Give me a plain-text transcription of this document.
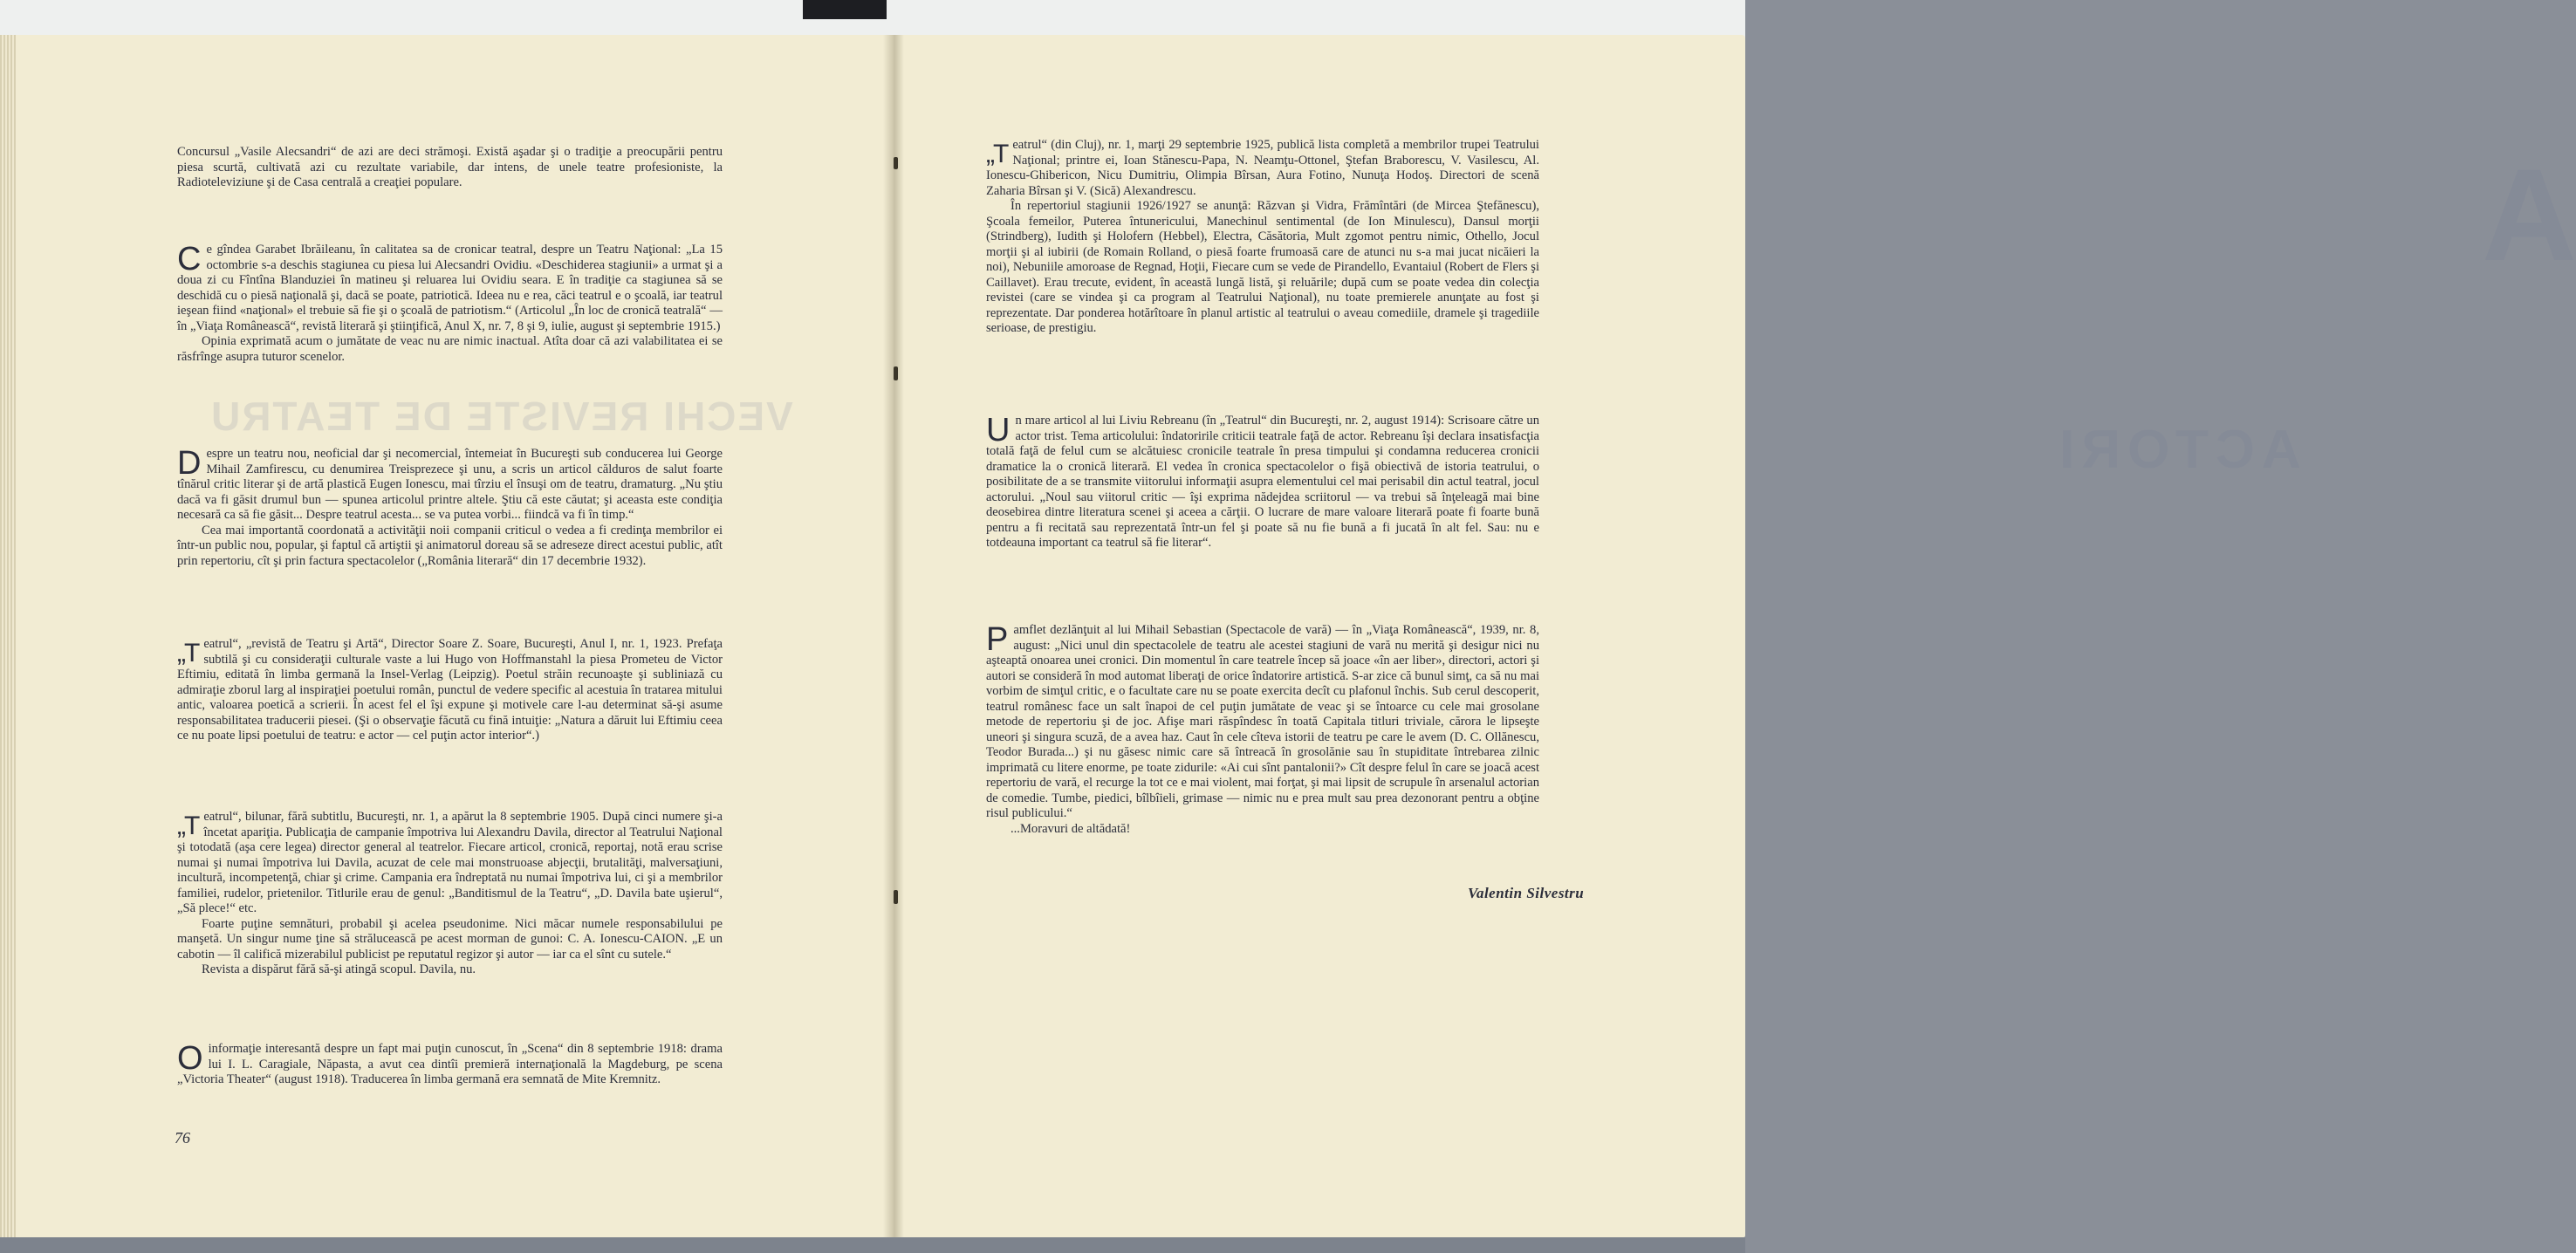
VECHI REVISTE DE TEATRU
A
ACTORI

Concursul „Vasile Alecsandri“ de azi are deci strămoşi. Există aşadar şi o tradiţie a preocupării pentru piesa scurtă, cultivată azi cu rezultate variabile, dar intens, de unele teatre profesioniste, la Radioteleviziune şi de Casa centrală a creaţiei populare.

C e gîndea Garabet Ibrăileanu, în calitatea sa de cronicar teatral, despre un Teatru Naţional: „La 15 octombrie s-a deschis stagiunea cu piesa lui Alecsandri Ovidiu. «Deschiderea stagiunii» a urmat şi a doua zi cu Fîntîna Blanduziei în matineu şi reluarea lui Ovidiu seara. E în tradiţie ca stagiunea să se deschidă cu o piesă naţională şi, dacă se poate, patriotică. Ideea nu e rea, căci teatrul e o şcoală, iar teatrul ieşean fiind «naţional» el trebuie să fie şi o şcoală de patriotism.“ (Articolul „În loc de cronică teatrală“ — în „Viaţa Românească“, revistă literară şi ştiinţifică, Anul X, nr. 7, 8 şi 9, iulie, august şi septembrie 1915.)

Opinia exprimată acum o jumătate de veac nu are nimic inactual. Atîta doar că azi valabilitatea ei se răsfrînge asupra tuturor scenelor.

D espre un teatru nou, neoficial dar şi necomercial, întemeiat în Bucureşti sub conducerea lui George Mihail Zamfirescu, cu denumirea Treisprezece şi unu, a scris un articol călduros de salut foarte tînărul critic literar şi de artă plastică Eugen Ionescu, mai tîrziu el însuşi om de teatru, dramaturg. „Nu ştiu dacă va fi găsit drumul bun — spunea articolul printre altele. Ştiu că este căutat; şi aceasta este condiţia necesară ca să fie găsit... Despre teatrul acesta... se va putea vorbi... fiindcă va fi în timp.“

Cea mai importantă coordonată a activităţii noii companii criticul o vedea a fi credinţa membrilor ei într-un public nou, popular, şi faptul că artiştii şi animatorul doreau să se adreseze direct acestui public, atît prin repertoriu, cît şi prin factura spectacolelor („România literară“ din 17 decembrie 1932).

„T eatrul“, „revistă de Teatru şi Artă“, Director Soare Z. Soare, Bucureşti, Anul I, nr. 1, 1923. Prefaţa subtilă şi cu consideraţii culturale vaste a lui Hugo von Hoffmanstahl la piesa Prometeu de Victor Eftimiu, editată în limba germană la Insel-Verlag (Leipzig). Poetul străin recunoaşte şi subliniază cu admiraţie zborul larg al inspiraţiei poetului român, punctul de vedere specific al acestuia în tratarea mitului antic, valoarea poetică a scrierii. În acest fel el îşi expune şi motivele care l-au determinat să-şi asume responsabilitatea traducerii piesei. (Şi o observaţie făcută cu fină intuiţie: „Natura a dăruit lui Eftimiu ceea ce nu poate lipsi poetului de teatru: e actor — cel puţin actor interior“.)

„T eatrul“, bilunar, fără subtitlu, Bucureşti, nr. 1, a apărut la 8 septembrie 1905. După cinci numere şi-a încetat apariţia. Publicaţia de campanie împotriva lui Alexandru Davila, director al Teatrului Naţional şi totodată (aşa cere legea) director general al teatrelor. Fiecare articol, cronică, reportaj, notă erau scrise numai şi numai împotriva lui Davila, acuzat de cele mai monstruoase abjecţii, brutalităţi, malversaţiuni, incultură, incompetenţă, chiar şi crime. Campania era îndreptată nu numai împotriva lui, ci şi a membrilor familiei, rudelor, prietenilor. Titlurile erau de genul: „Banditismul de la Teatru“, „D. Davila bate uşierul“, „Să plece!“ etc.

Foarte puţine semnături, probabil şi acelea pseudonime. Nici măcar numele responsabilului pe manşetă. Un singur nume ţine să strălucească pe acest morman de gunoi: C. A. Ionescu-CAION. „E un cabotin — îl califică mizerabilul publicist pe reputatul regizor şi autor — iar ca el sînt cu sutele.“

Revista a dispărut fără să-şi atingă scopul. Davila, nu.

O informaţie interesantă despre un fapt mai puţin cunoscut, în „Scena“ din 8 septembrie 1918: drama lui I. L. Caragiale, Năpasta, a avut cea dintîi premieră internaţională la Magdeburg, pe scena „Victoria Theater“ (august 1918). Traducerea în limba germană era semnată de Mite Kremnitz.

76
„T eatrul“ (din Cluj), nr. 1, marţi 29 septembrie 1925, publică lista completă a membrilor trupei Teatrului Naţional; printre ei, Ioan Stănescu-Papa, N. Neamţu-Ottonel, Ştefan Braborescu, V. Vasilescu, Al. Ionescu-Ghibericon, Nicu Dumitriu, Olimpia Bîrsan, Aura Fotino, Nunuţa Hodoş. Directori de scenă Zaharia Bîrsan şi V. (Sică) Alexandrescu.

În repertoriul stagiunii 1926/1927 se anunţă: Răzvan şi Vidra, Frămîntări (de Mircea Ştefănescu), Şcoala femeilor, Puterea întunericului, Manechinul sentimental (de Ion Minulescu), Dansul morţii (Strindberg), Iudith şi Holofern (Hebbel), Electra, Căsătoria, Mult zgomot pentru nimic, Othello, Jocul morţii şi al iubirii (de Romain Rolland, o piesă foarte frumoasă care de atunci nu s-a mai jucat nicăieri la noi), Nebuniile amoroase de Regnad, Hoţii, Fiecare cum se vede de Pirandello, Evantaiul (Robert de Flers şi Caillavet). Erau trecute, evident, în această lungă listă, şi reluările; după cum se poate vedea din colecţia revistei (care se vindea şi ca program al Teatrului Naţional), nu toate premierele anunţate au fost şi reprezentate. Dar ponderea hotărîtoare în planul artistic al teatrului o aveau comediile, dramele şi tragediile serioase, de prestigiu.

U n mare articol al lui Liviu Rebreanu (în „Teatrul“ din Bucureşti, nr. 2, august 1914): Scrisoare către un actor trist. Tema articolului: îndatoririle criticii teatrale faţă de actor. Rebreanu îşi declara insatisfacţia totală faţă de felul cum se alcătuiesc cronicile teatrale în presa timpului şi condamna reducerea cronicii dramatice la o cronică literară. El vedea în cronica spectacolelor o fişă obiectivă de istoria teatrului, o posibilitate de a se transmite viitorului informaţii asupra elementului cel mai perisabil din actul teatral, jocul actorului. „Noul sau viitorul critic — îşi exprima nădejdea scriitorul — va trebui să înţeleagă mai bine deosebirea dintre literatura scenei şi aceea a cărţii. O lucrare de mare valoare literară poate fi foarte bună pentru a fi recitată sau reprezentată într-un fel şi poate să nu fie bună a fi jucată în alt fel. Sau: nu e totdeauna important ca teatrul să fie literar“.

P amflet dezlănţuit al lui Mihail Sebastian (Spectacole de vară) — în „Viaţa Românească“, 1939, nr. 8, august: „Nici unul din spectacolele de teatru ale acestei stagiuni de vară nu merită şi desigur nici nu aşteaptă onoarea unei cronici. Din momentul în care teatrele încep să joace «în aer liber», directori, actori şi autori se consideră în mod automat liberaţi de orice îndatorire artistică. S-ar zice că bunul simţ, ca să nu mai vorbim de simţul critic, e o facultate care nu se poate exercita decît cu plafonul închis. Sub cerul descoperit, teatrul românesc face un salt înapoi de cel puţin jumătate de veac şi se întoarce cu cele mai grosolane metode de repertoriu şi de joc. Afişe mari răspîndesc în toată Capitala titluri triviale, cărora le lipseşte uneori şi singura scuză, de a avea haz. Caut în cele cîteva istorii de teatru pe care le avem (D. C. Ollănescu, Teodor Burada...) şi nu găsesc nimic care să întreacă în grosolănie sau în stupiditate întrebarea zilnic imprimată cu litere enorme, pe toate zidurile: «Ai cui sînt pantalonii?» Cît despre felul în care se joacă acest repertoriu de vară, el recurge la tot ce e mai violent, mai forţat, şi mai lipsit de scrupule în arsenalul actorian de comedie. Tumbe, piedici, bîlbîieli, grimase — nimic nu e prea mult sau prea dezonorant pentru a obţine risul publicului.“

...Moravuri de altădată!

Valentin Silvestru
